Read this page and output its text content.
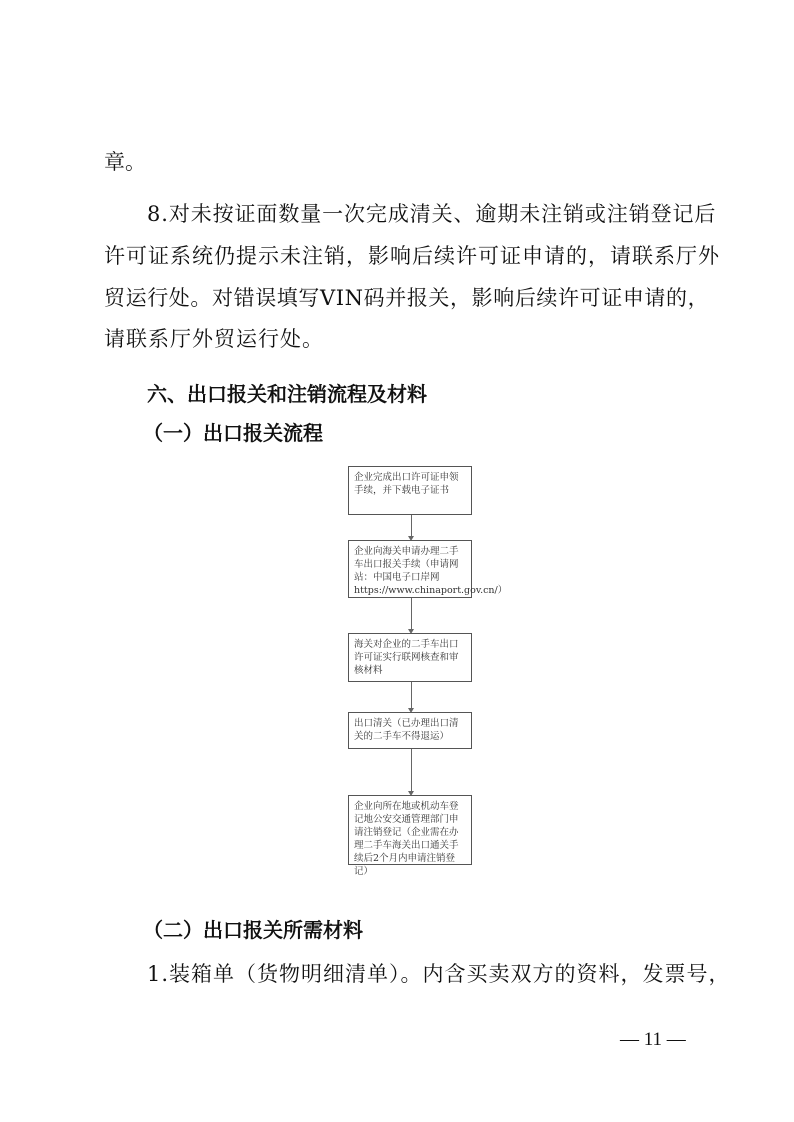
章。
8.对未按证面数量一次完成清关、逾期未注销或注销登记后
许可证系统仍提示未注销，影响后续许可证申请的，请联系厅外
贸运行处。对错误填写VIN码并报关，影响后续许可证申请的，
请联系厅外贸运行处。
六、出口报关和注销流程及材料
（一）出口报关流程
企业完成出口许可证申领手续，并下载电子证书
企业向海关申请办理二手车出口报关手续（申请网站：中国电子口岸网https://www.chinaport.gov.cn/）
海关对企业的二手车出口许可证实行联网核查和审核材料
出口清关（已办理出口清关的二手车不得退运）
企业向所在地或机动车登记地公安交通管理部门申请注销登记（企业需在办理二手车海关出口通关手续后2个月内申请注销登记）
（二）出口报关所需材料
1.装箱单（货物明细清单）。内含买卖双方的资料，发票号，
— 11 —
